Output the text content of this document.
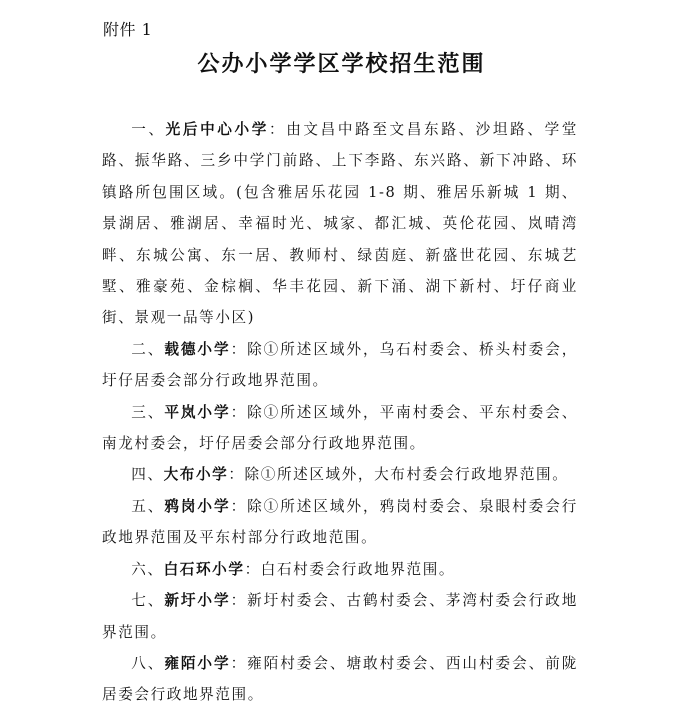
附件 1
公办小学学区学校招生范围

一、光后中心小学：由文昌中路至文昌东路、沙坦路、学堂路、振华路、三乡中学门前路、上下李路、东兴路、新下冲路、环镇路所包围区域。(包含雅居乐花园 1-8 期、雅居乐新城 1 期、景湖居、雅湖居、幸福时光、城家、都汇城、英伦花园、岚晴湾畔、东城公寓、东一居、教师村、绿茵庭、新盛世花园、东城艺墅、雅豪苑、金棕榈、华丰花园、新下涌、湖下新村、圩仔商业街、景观一品等小区)

二、载德小学：除①所述区域外，乌石村委会、桥头村委会，圩仔居委会部分行政地界范围。

三、平岚小学：除①所述区域外，平南村委会、平东村委会、南龙村委会，圩仔居委会部分行政地界范围。

四、大布小学：除①所述区域外，大布村委会行政地界范围。

五、鸦岗小学：除①所述区域外，鸦岗村委会、泉眼村委会行政地界范围及平东村部分行政地范围。

六、白石环小学：白石村委会行政地界范围。

七、新圩小学：新圩村委会、古鹤村委会、茅湾村委会行政地界范围。

八、雍陌小学：雍陌村委会、塘敢村委会、西山村委会、前陇居委会行政地界范围。
